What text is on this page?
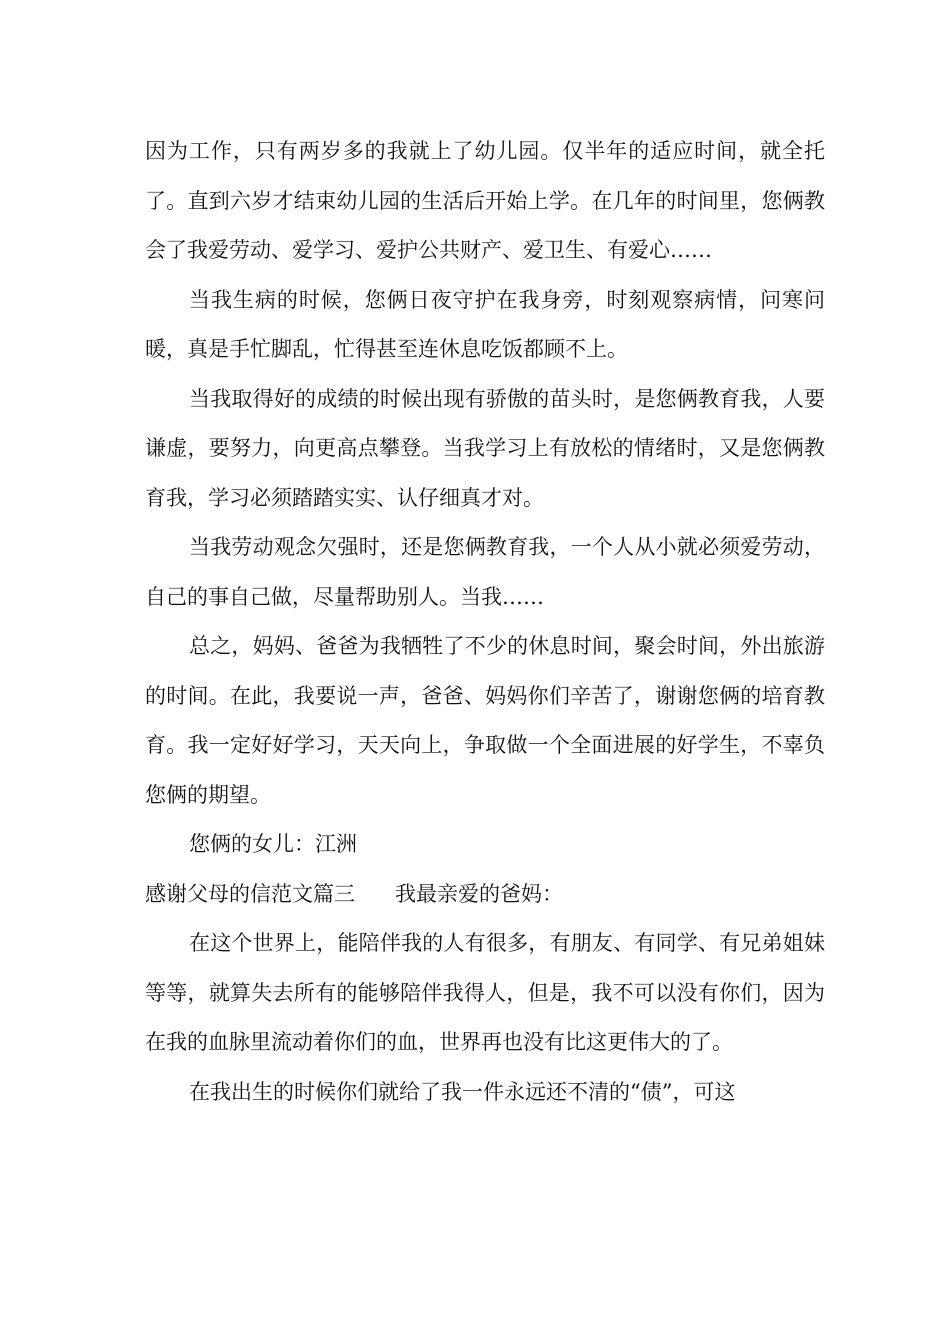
因为工作，只有两岁多的我就上了幼儿园。仅半年的适应时间，就全托了。直到六岁才结束幼儿园的生活后开始上学。在几年的时间里，您俩教会了我爱劳动、爱学习、爱护公共财产、爱卫生、有爱心……

当我生病的时候，您俩日夜守护在我身旁，时刻观察病情，问寒问暖，真是手忙脚乱，忙得甚至连休息吃饭都顾不上。

当我取得好的成绩的时候出现有骄傲的苗头时，是您俩教育我，人要谦虚，要努力，向更高点攀登。当我学习上有放松的情绪时，又是您俩教育我，学习必须踏踏实实、认仔细真才对。

当我劳动观念欠强时，还是您俩教育我，一个人从小就必须爱劳动，自己的事自己做，尽量帮助别人。当我……

总之，妈妈、爸爸为我牺牲了不少的休息时间，聚会时间，外出旅游的时间。在此，我要说一声，爸爸、妈妈你们辛苦了，谢谢您俩的培育教育。我一定好好学习，天天向上，争取做一个全面进展的好学生，不辜负您俩的期望。

您俩的女儿：江洲

感谢父母的信范文篇三 我最亲爱的爸妈：

在这个世界上，能陪伴我的人有很多，有朋友、有同学、有兄弟姐妹等等，就算失去所有的能够陪伴我得人，但是，我不可以没有你们，因为在我的血脉里流动着你们的血，世界再也没有比这更伟大的了。

在我出生的时候你们就给了我一件永远还不清的“债”，可这
